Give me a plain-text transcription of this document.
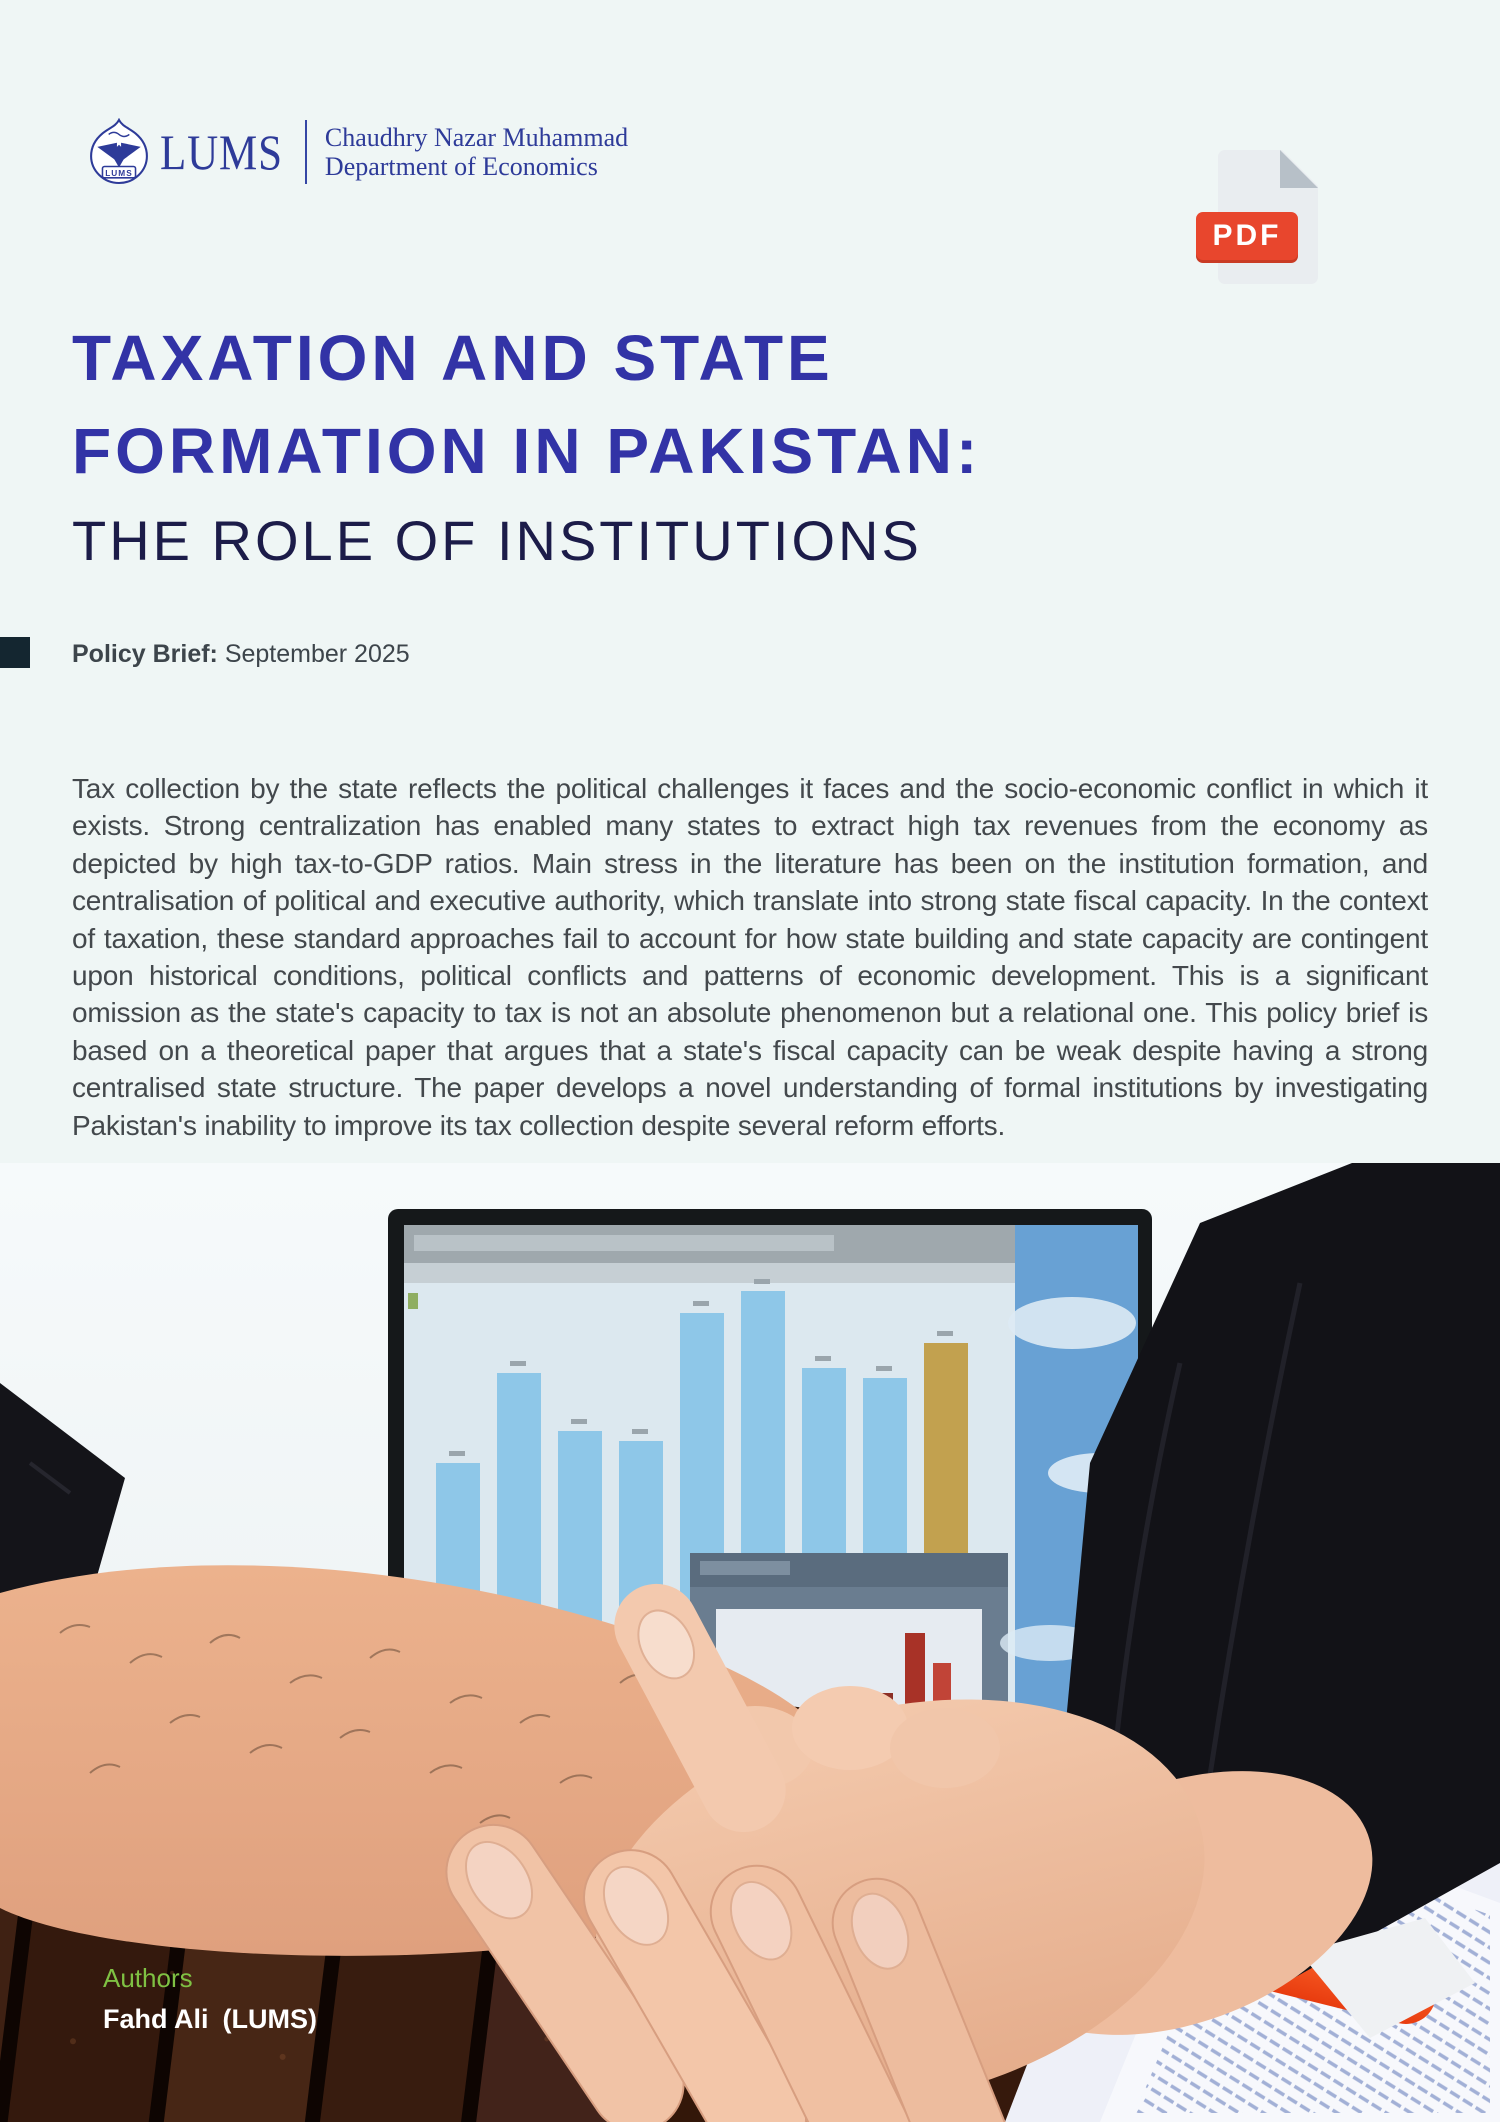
LUMS LUMS Chaudhry Nazar Muhammad
Department of Economics
PDF
TAXATION AND STATE
FORMATION IN PAKISTAN:
THE ROLE OF INSTITUTIONS
Policy Brief: September 2025

Tax collection by the state reflects the political challenges it faces and the socio-economic conflict in which it exists. Strong centralization has enabled many states to extract high tax revenues from the economy as depicted by high tax-to-GDP ratios. Main stress in the literature has been on the institution formation, and centralisation of political and executive authority, which translate into strong state fiscal capacity. In the context of taxation, these standard approaches fail to account for how state building and state capacity are contingent upon historical conditions, political conflicts and patterns of economic development. This is a significant omission as the state's capacity to tax is not an absolute phenomenon but a relational one. This policy brief is based on a theoretical paper that argues that a state's fiscal capacity can be weak despite having a strong centralised state structure. The paper develops a novel understanding of formal institutions by investigating Pakistan's inability to improve its tax collection despite several reform efforts.

Authors
Fahd Ali (LUMS)
